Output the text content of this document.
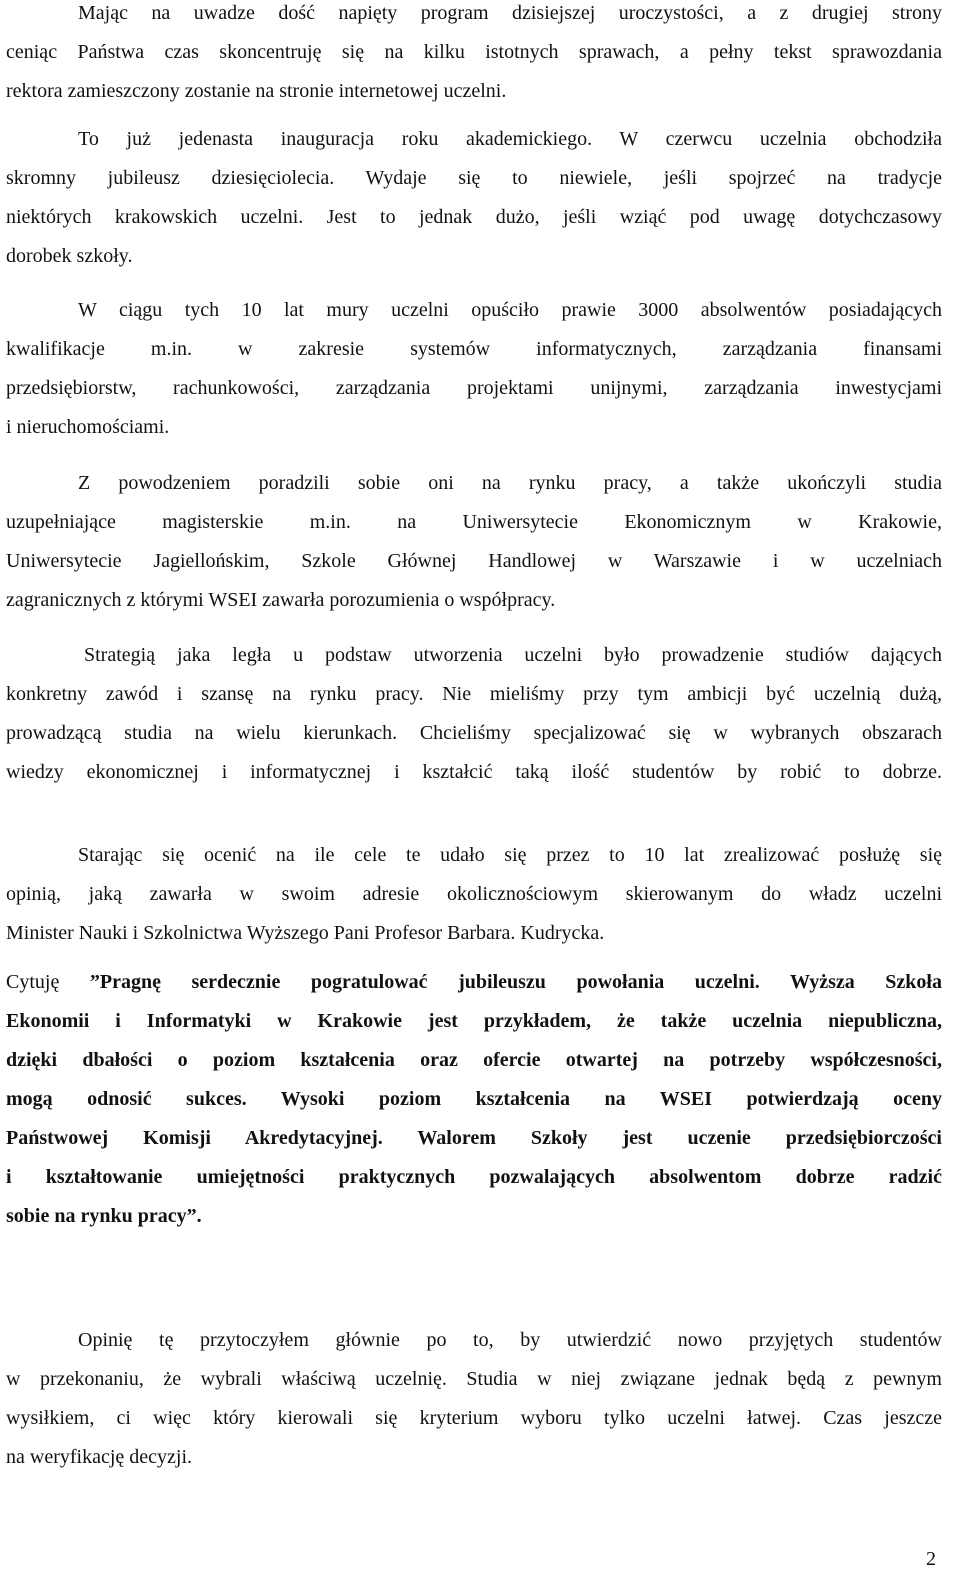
Mając na uwadze dość napięty program dzisiejszej uroczystości, a z drugiej strony
ceniąc Państwa czas skoncentruję się na kilku istotnych sprawach, a pełny tekst sprawozdania
rektora zamieszczony zostanie na stronie internetowej uczelni.
To już jedenasta inauguracja roku akademickiego. W czerwcu uczelnia obchodziła
skromny jubileusz dziesięciolecia. Wydaje się to niewiele, jeśli spojrzeć na tradycje
niektórych krakowskich uczelni. Jest to jednak dużo, jeśli wziąć pod uwagę dotychczasowy
dorobek szkoły.
W ciągu tych 10 lat mury uczelni opuściło prawie 3000 absolwentów posiadających
kwalifikacje m.in. w zakresie systemów informatycznych, zarządzania finansami
przedsiębiorstw, rachunkowości, zarządzania projektami unijnymi, zarządzania inwestycjami
i nieruchomościami.
Z powodzeniem poradzili sobie oni na rynku pracy, a także ukończyli studia
uzupełniające magisterskie m.in. na Uniwersytecie Ekonomicznym w Krakowie,
Uniwersytecie Jagiellońskim, Szkole Głównej Handlowej w Warszawie i w uczelniach
zagranicznych z którymi WSEI zawarła porozumienia o współpracy.
Strategią jaka legła u podstaw utworzenia uczelni było prowadzenie studiów dających
konkretny zawód i szansę na rynku pracy. Nie mieliśmy przy tym ambicji być uczelnią dużą,
prowadzącą studia na wielu kierunkach. Chcieliśmy specjalizować się w wybranych obszarach
wiedzy ekonomicznej i informatycznej i kształcić taką ilość studentów by robić to dobrze.
Starając się ocenić na ile cele te udało się przez to 10 lat zrealizować posłużę się
opinią, jaką zawarła w swoim adresie okolicznościowym skierowanym do władz uczelni
Minister Nauki i Szkolnictwa Wyższego Pani Profesor Barbara. Kudrycka.
Cytuję ”Pragnę serdecznie pogratulować jubileuszu powołania uczelni. Wyższa Szkoła
Ekonomii i Informatyki w Krakowie jest przykładem, że także uczelnia niepubliczna,
dzięki dbałości o poziom kształcenia oraz ofercie otwartej na potrzeby współczesności,
mogą odnosić sukces. Wysoki poziom kształcenia na WSEI potwierdzają oceny
Państwowej Komisji Akredytacyjnej. Walorem Szkoły jest uczenie przedsiębiorczości
i kształtowanie umiejętności praktycznych pozwalających absolwentom dobrze radzić
sobie na rynku pracy”.
Opinię tę przytoczyłem głównie po to, by utwierdzić nowo przyjętych studentów
w przekonaniu, że wybrali właściwą uczelnię. Studia w niej związane jednak będą z pewnym
wysiłkiem, ci więc który kierowali się kryterium wyboru tylko uczelni łatwej. Czas jeszcze
na weryfikację decyzji.
2
